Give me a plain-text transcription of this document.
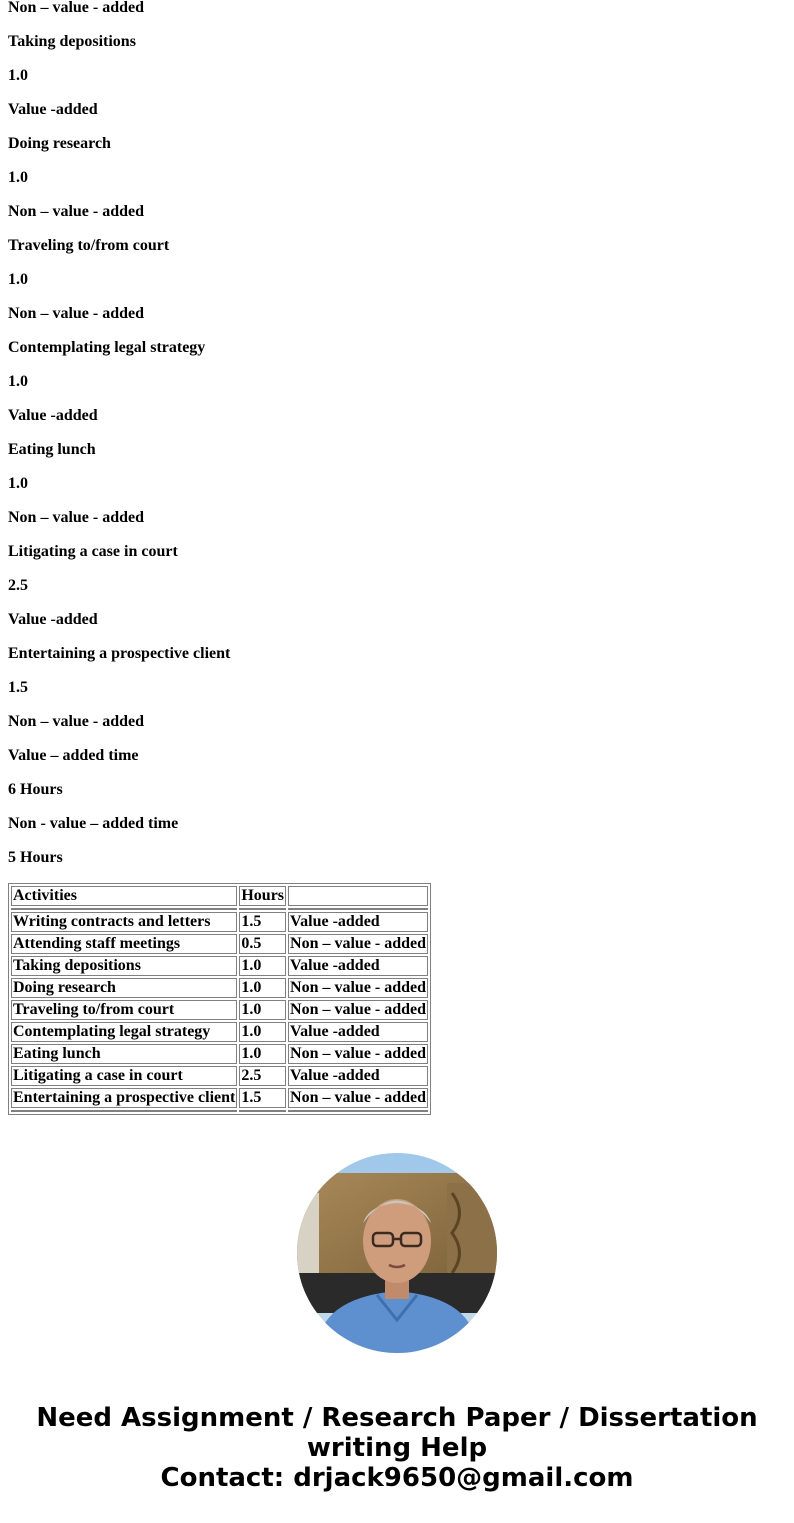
Non – value - added
Taking depositions
1.0
Value -added
Doing research
1.0
Non – value - added
Traveling to/from court
1.0
Non – value - added
Contemplating legal strategy
1.0
Value -added
Eating lunch
1.0
Non – value - added
Litigating a case in court
2.5
Value -added
Entertaining a prospective client
1.5
Non – value - added
Value – added time
6 Hours
Non - value – added time
5 Hours
Activities	Hours	

Writing contracts and letters	1.5	Value -added
Attending staff meetings	0.5	Non – value - added
Taking depositions	1.0	Value -added
Doing research	1.0	Non – value - added
Traveling to/from court	1.0	Non – value - added
Contemplating legal strategy	1.0	Value -added
Eating lunch	1.0	Non – value - added
Litigating a case in court	2.5	Value -added
Entertaining a prospective client	1.5	Non – value - added

Need Assignment / Research Paper / Dissertation
writing Help
Contact: drjack9650@gmail.com
